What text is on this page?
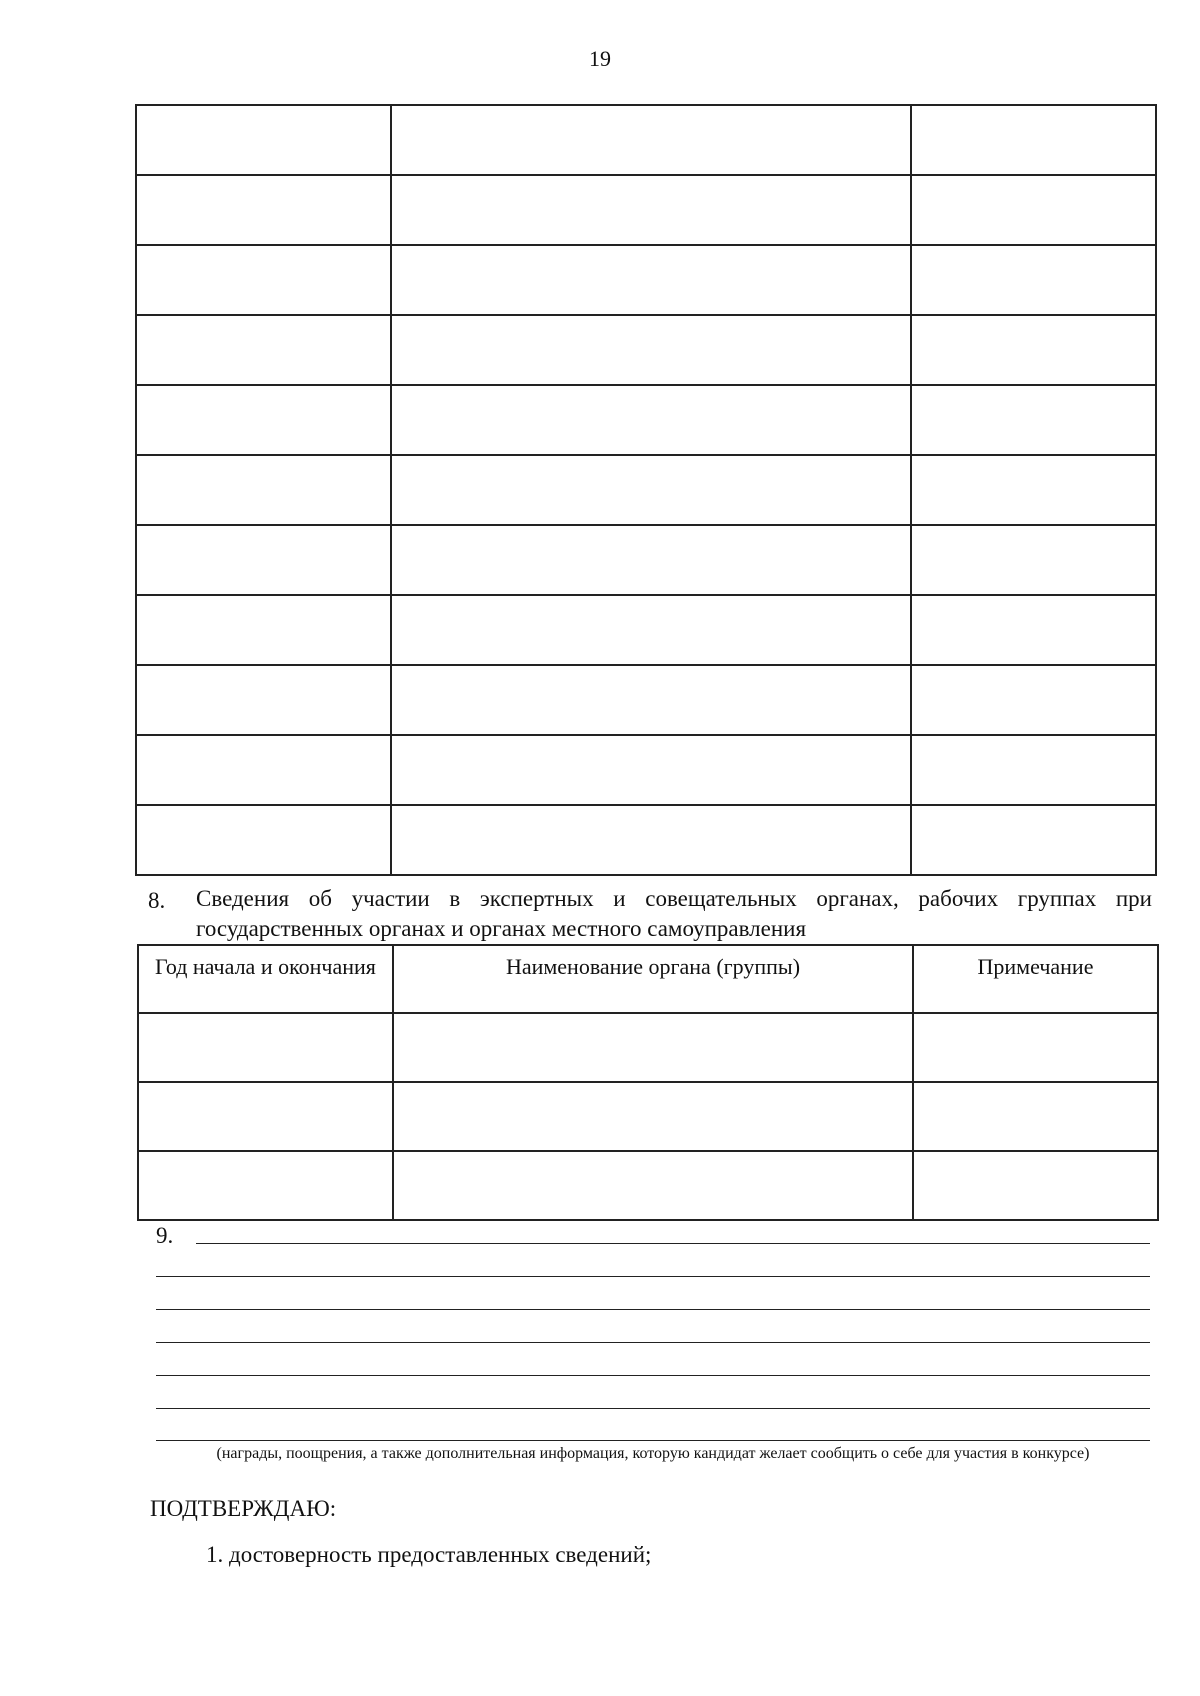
19

8. Сведения об участии в экспертных и совещательных органах, рабочих группах при государственных органах и органах местного самоуправления
Год начала и окончания	Наименование органа (группы)	Примечание

9.
(награды, поощрения, а также дополнительная информация, которую кандидат желает сообщить о себе для участия в конкурсе)
ПОДТВЕРЖДАЮ:
1. достоверность предоставленных сведений;
